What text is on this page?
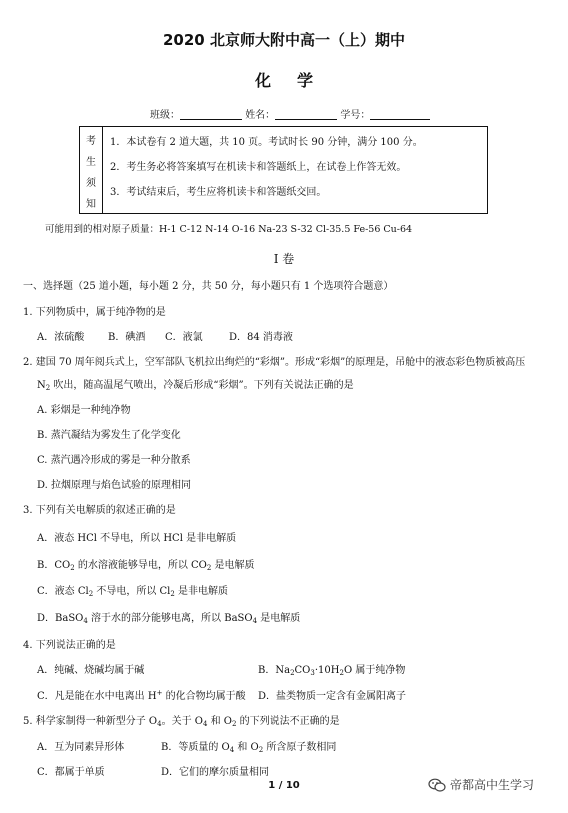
2020 北京师大附中高一（上）期中
化学
班级：	姓名：	学号：
考
生
须
知
1．本试卷有 2 道大题，共 10 页。考试时长 90 分钟，满分 100 分。
2．考生务必将答案填写在机读卡和答题纸上，在试卷上作答无效。
3．考试结束后，考生应将机读卡和答题纸交回。
可能用到的相对原子质量：H-1 C-12 N-14 O-16 Na-23 S-32 Cl-35.5 Fe-56 Cu-64
I 卷
一、选择题（25 道小题，每小题 2 分，共 50 分，每小题只有 1 个选项符合题意）
1. 下列物质中，属于纯净物的是
A．浓硫酸 B．碘酒 C．液氯	D．84 消毒液
2. 建国 70 周年阅兵式上，空军部队飞机拉出绚烂的“彩烟”。形成“彩烟”的原理是，吊舱中的液态彩色物质被高压
$N_2$ 吹出，随高温尾气喷出，冷凝后形成“彩烟”。下列有关说法正确的是
A. 彩烟是一种纯净物
B. 蒸汽凝结为雾发生了化学变化
C. 蒸汽遇冷形成的雾是一种分散系
D. 拉烟原理与焰色试验的原理相同
3. 下列有关电解质的叙述正确的是
A．液态 HCl 不导电，所以 HCl 是非电解质
B．$CO_2$ 的水溶液能够导电，所以 $CO_2$ 是电解质
C．液态 $Cl_2$ 不导电，所以 $Cl_2$ 是非电解质
D．BaSO$_4$ 溶于水的部分能够电离，所以 BaSO$_4$ 是电解质
4. 下列说法正确的是
A．纯碱、烧碱均属于碱	B．$Na_2CO_3\cdot 10H_2O$ 属于纯净物
C．凡是能在水中电离出 H+ 的化合物均属于酸 D．盐类物质一定含有金属阳离子
5. 科学家制得一种新型分子 $O_4$。关于 $O_4$ 和 $O_2$ 的下列说法不正确的是
A．互为同素异形体	B．等质量的 $O_4$ 和 $O_2$ 所含原子数相同
C．都属于单质	D．它们的摩尔质量相同
1 / 10	帝都高中生学习
